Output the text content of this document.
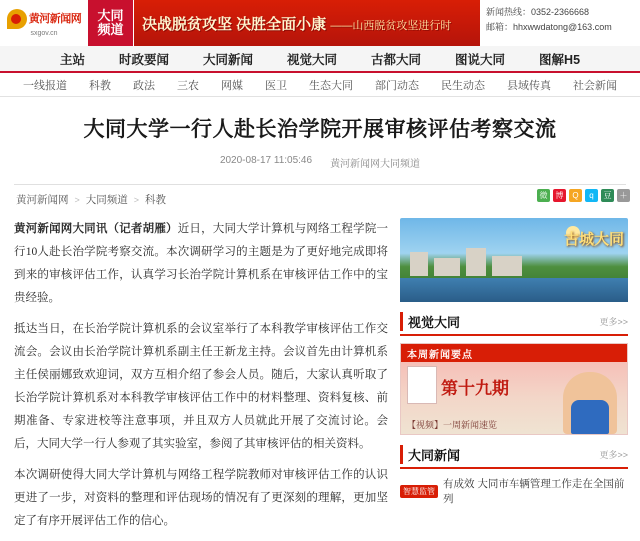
黄河新闻网
sxgov.cn
大同
频道 决战脱贫攻坚 决胜全面小康 ——山西脱贫攻坚进行时
新闻热线：0352-2366668
邮箱：hhxwwdatong@163.com
主站	时政要闻	大同新闻	视觉大同	古都大同	图说大同	图解H5
一线报道 科教 政法 三农 网媒 医卫 生态大同 部门动态 民生动态 县域传真 社会新闻
大同大学一行人赴长治学院开展审核评估考察交流
2020-08-17 11:05:46 黄河新闻网大同频道
黄河新闻网 > 大同频道 > 科教	微	博	Q	q	豆	＋

黄河新闻网大同讯（记者胡雁）近日，大同大学计算机与网络工程学院一行10人赴长治学院考察交流。本次调研学习的主题是为了更好地完成即将到来的审核评估工作，认真学习长治学院计算机系在审核评估工作中的宝贵经验。

抵达当日，在长治学院计算机系的会议室举行了本科教学审核评估工作交流会。会议由长治学院计算机系副主任王新龙主持。会议首先由计算机系主任侯丽娜致欢迎词，双方互相介绍了参会人员。随后，大家认真听取了长治学院计算机系对本科教学审核评估工作中的材料整理、资料复核、前期准备、专家进校等注意事项，并且双方人员就此开展了交流讨论。会后，大同大学一行人参观了其实验室，参阅了其审核评估的相关资料。

本次调研使得大同大学计算机与网络工程学院教师对审核评估工作的认识更进了一步，对资料的整理和评估现场的情况有了更深刻的理解，更加坚定了有序开展评估工作的信心。

古城大同
视觉大同	更多>>
本周新闻要点
第十九期
【视频】一周新闻速览
大同新闻	更多>>
智慧监管
有成效 大同市车辆管理工作走在全国前列
